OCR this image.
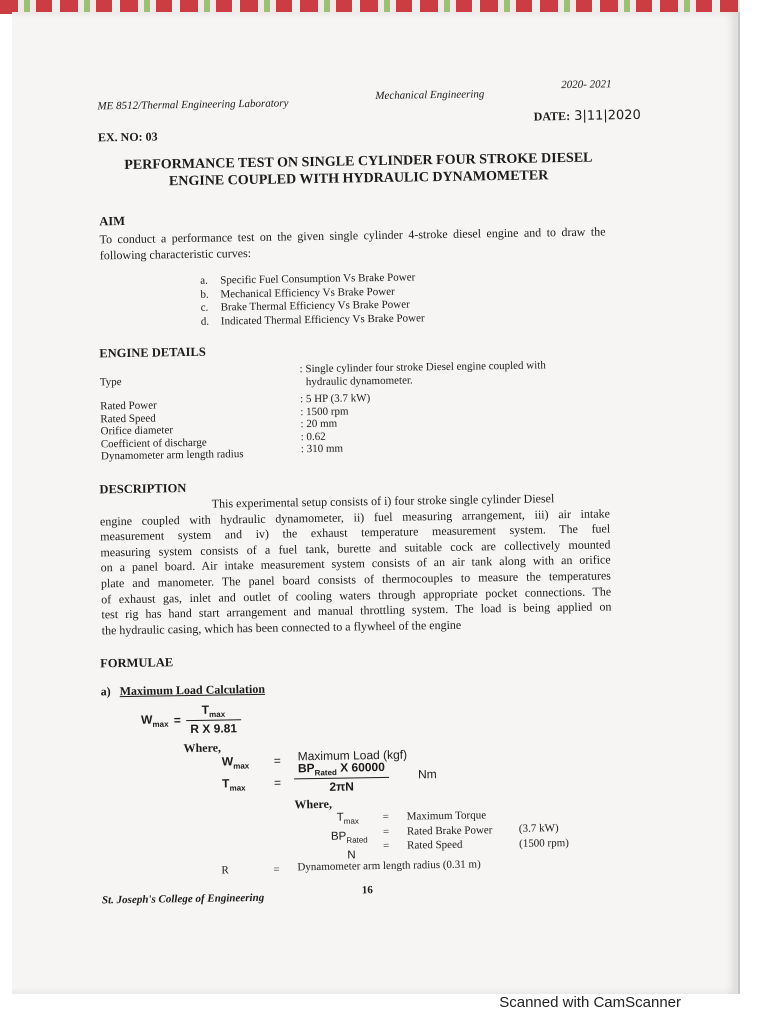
ME 8512/Thermal Engineering Laboratory
Mechanical Engineering
2020- 2021
EX. NO: 03
DATE: 3|11|2020
PERFORMANCE TEST ON SINGLE CYLINDER FOUR STROKE DIESEL
ENGINE COUPLED WITH HYDRAULIC DYNAMOMETER
AIM
To conduct a performance test on the given single cylinder 4-stroke diesel engine and to draw the following characteristic curves:
a. Specific Fuel Consumption Vs Brake Power
b. Mechanical Efficiency Vs Brake Power
c. Brake Thermal Efficiency Vs Brake Power
d. Indicated Thermal Efficiency Vs Brake Power
ENGINE DETAILS
Type
: Single cylinder four stroke Diesel engine coupled with
hydraulic dynamometer.
Rated Power
Rated Speed
Orifice diameter
Coefficient of discharge
Dynamometer arm length radius
: 5 HP (3.7 kW)
: 1500 rpm
: 20 mm
: 0.62
: 310 mm
DESCRIPTION
This experimental setup consists of i) four stroke single cylinder Diesel
engine coupled with hydraulic dynamometer, ii) fuel measuring arrangement, iii) air intake
measurement system and iv) the exhaust temperature measurement system. The fuel
measuring system consists of a fuel tank, burette and suitable cock are collectively mounted
on a panel board. Air intake measurement system consists of an air tank along with an orifice
plate and manometer. The panel board consists of thermocouples to measure the temperatures
of exhaust gas, inlet and outlet of cooling waters through appropriate pocket connections. The
test rig has hand start arrangement and manual throttling system. The load is being applied on
the hydraulic casing, which has been connected to a flywheel of the engine
FORMULAE
a) Maximum Load Calculation
$W_{max} = \frac{T_{max}}{\text{R X 9.81}}$
Where,
$W_{max}$ = Maximum Load (kgf)
$T_{max} = \frac{BP_{Rated} X 60000}{2\pi N}$ Nm
Where,
$T_{max}$
$BP_{Rated}$
N
=
=
=
Maximum Torque
Rated Brake Power
Rated Speed
(3.7 kW)
(1500 rpm)
R	= Dynamometer arm length radius (0.31 m)
St. Joseph's College of Engineering
16
Scanned with CamScanner
